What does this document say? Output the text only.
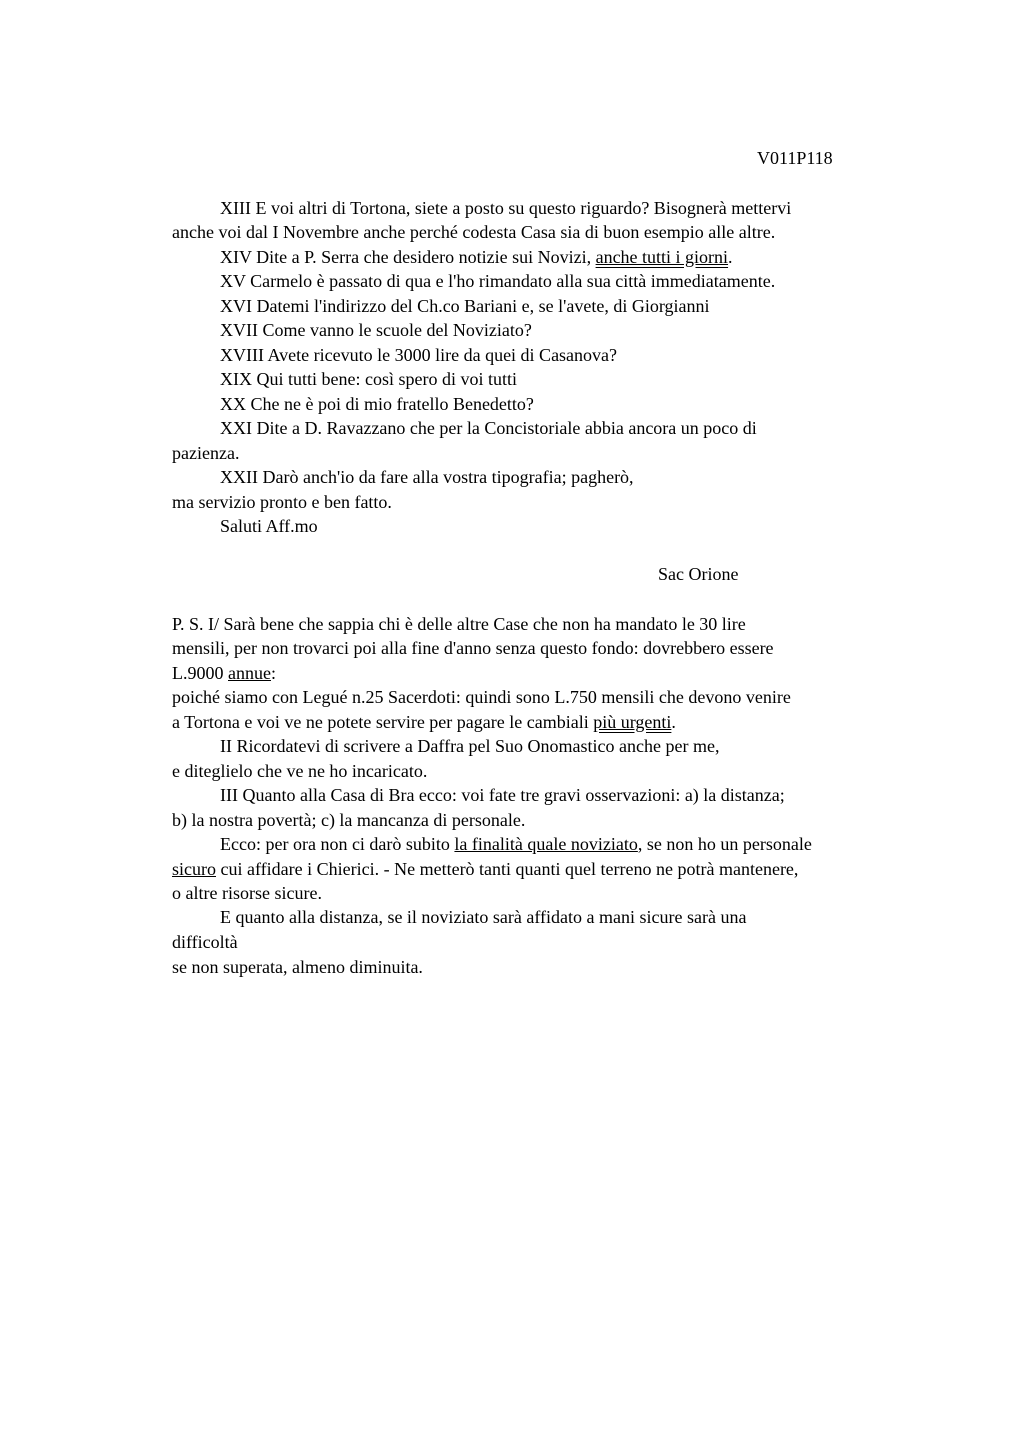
V011P118
XIII E voi altri di Tortona, siete a posto su questo riguardo? Bisognerà mettervi
anche voi dal I Novembre anche perché codesta Casa sia di buon esempio alle altre.
XIV Dite a P. Serra che desidero notizie sui Novizi, anche tutti i giorni.
XV Carmelo è passato di qua e l'ho rimandato alla sua città immediatamente.
XVI Datemi l'indirizzo del Ch.co Bariani e, se l'avete, di Giorgianni
XVII Come vanno le scuole del Noviziato?
XVIII Avete ricevuto le 3000 lire da quei di Casanova?
XIX Qui tutti bene: così spero di voi tutti
XX Che ne è poi di mio fratello Benedetto?
XXI Dite a D. Ravazzano che per la Concistoriale abbia ancora un poco di
pazienza.
XXII Darò anch'io da fare alla vostra tipografia; pagherò,
ma servizio pronto e ben fatto.
Saluti Aff.mo
Sac Orione
P. S. I/ Sarà bene che sappia chi è delle altre Case che non ha mandato le 30 lire
mensili, per non trovarci poi alla fine d'anno senza questo fondo: dovrebbero essere
L.9000 annue:
poiché siamo con Legué n.25 Sacerdoti: quindi sono L.750 mensili che devono venire
a Tortona e voi ve ne potete servire per pagare le cambiali più urgenti.
II Ricordatevi di scrivere a Daffra pel Suo Onomastico anche per me,
e diteglielo che ve ne ho incaricato.
III Quanto alla Casa di Bra ecco: voi fate tre gravi osservazioni: a) la distanza;
b) la nostra povertà; c) la mancanza di personale.
Ecco: per ora non ci darò subito la finalità quale noviziato, se non ho un personale
sicuro cui affidare i Chierici. - Ne metterò tanti quanti quel terreno ne potrà mantenere,
o altre risorse sicure.
E quanto alla distanza, se il noviziato sarà affidato a mani sicure sarà una
difficoltà
se non superata, almeno diminuita.
